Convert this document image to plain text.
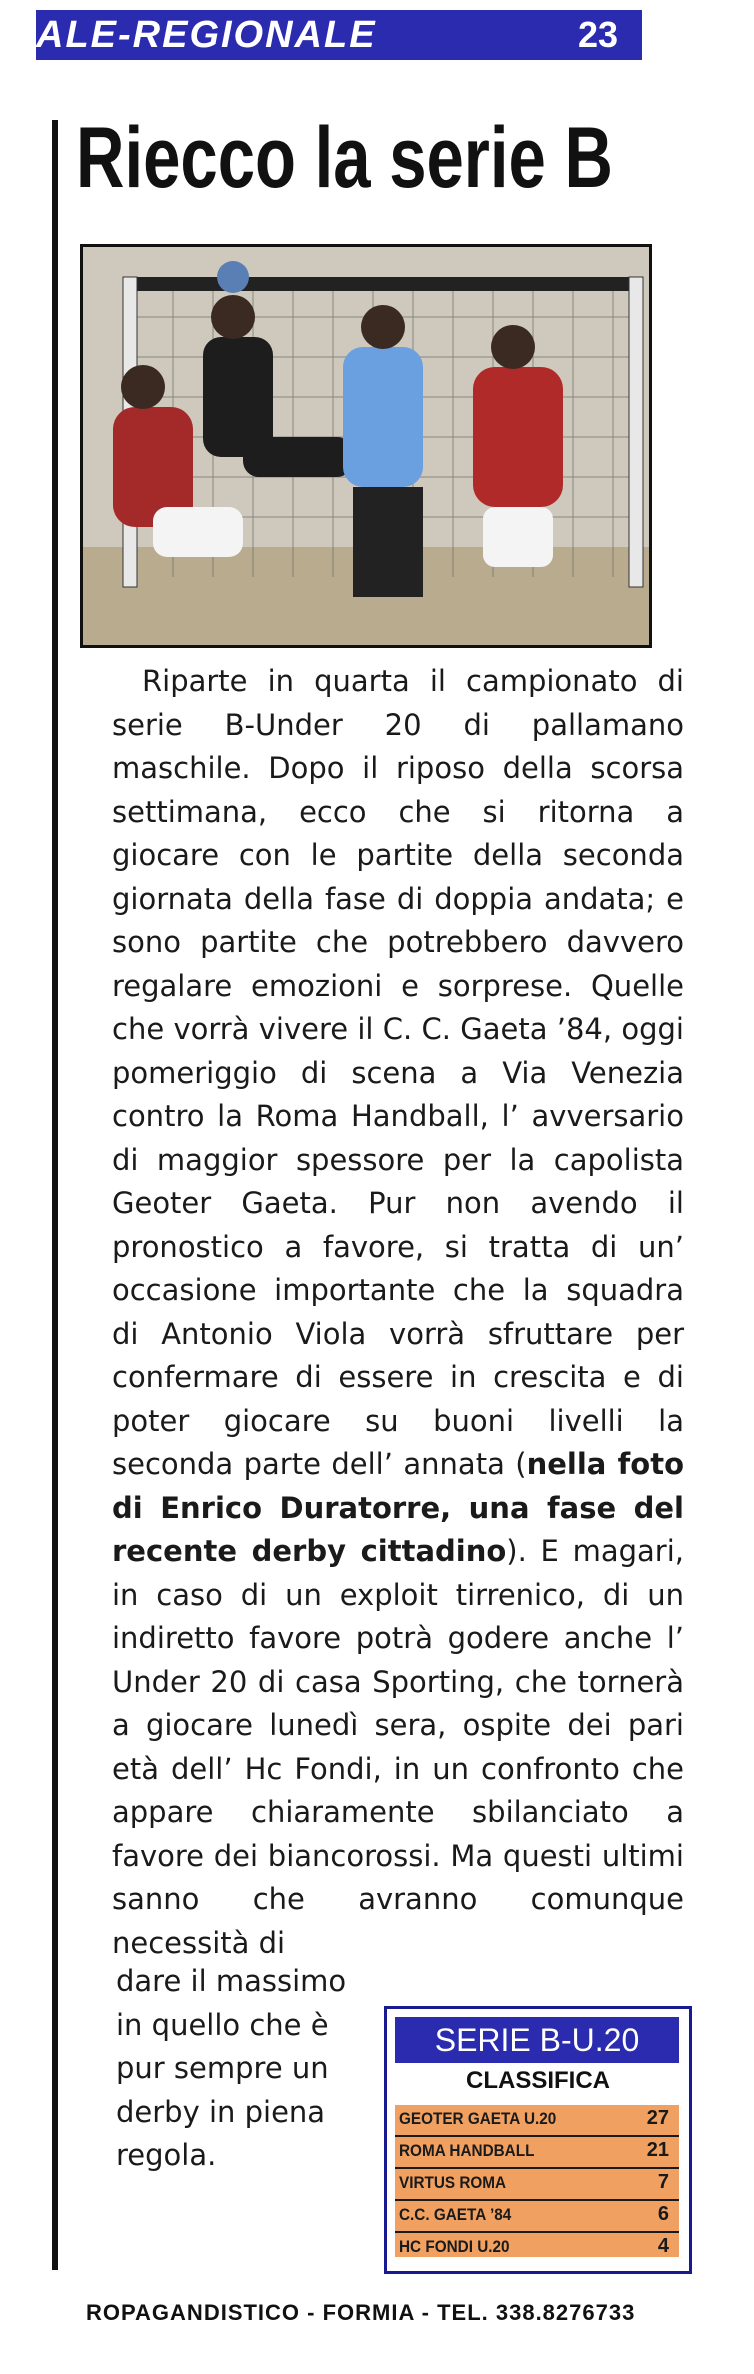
ALE-REGIONALE	23
Riecco la serie B

Riparte in quarta il campionato di serie B-Under 20 di pallamano maschile. Dopo il riposo della scorsa settimana, ecco che si ritorna a giocare con le partite della seconda giornata della fase di doppia andata; e sono partite che potrebbero davvero regalare emozioni e sorprese. Quelle che vorrà vivere il C. C. Gaeta ’84, oggi pomeriggio di scena a Via Venezia contro la Roma Handball, l’ avversario di maggior spessore per la capolista Geoter Gaeta. Pur non avendo il pronostico a favore, si tratta di un’ occasione importante che la squadra di Antonio Viola vorrà sfruttare per confermare di essere in crescita e di poter giocare su buoni livelli la seconda parte dell’ annata (nella foto di Enrico Duratorre, una fase del recente derby cittadino). E magari, in caso di un exploit tirrenico, di un indiretto favore potrà godere anche l’ Under 20 di casa Sporting, che tornerà a giocare lunedì sera, ospite dei pari età dell’ Hc Fondi, in un confronto che appare chiaramente sbilanciato a favore dei biancorossi. Ma questi ultimi sanno che avranno comunque necessità di

dare il massimo in quello che è pur sempre un derby in piena regola.

SERIE B-U.20
CLASSIFICA
GEOTER GAETA U.20	27
ROMA HANDBALL	21
VIRTUS ROMA	7
C.C. GAETA ’84	6
HC FONDI U.20	4
ROPAGANDISTICO - FORMIA - TEL. 338.8276733
